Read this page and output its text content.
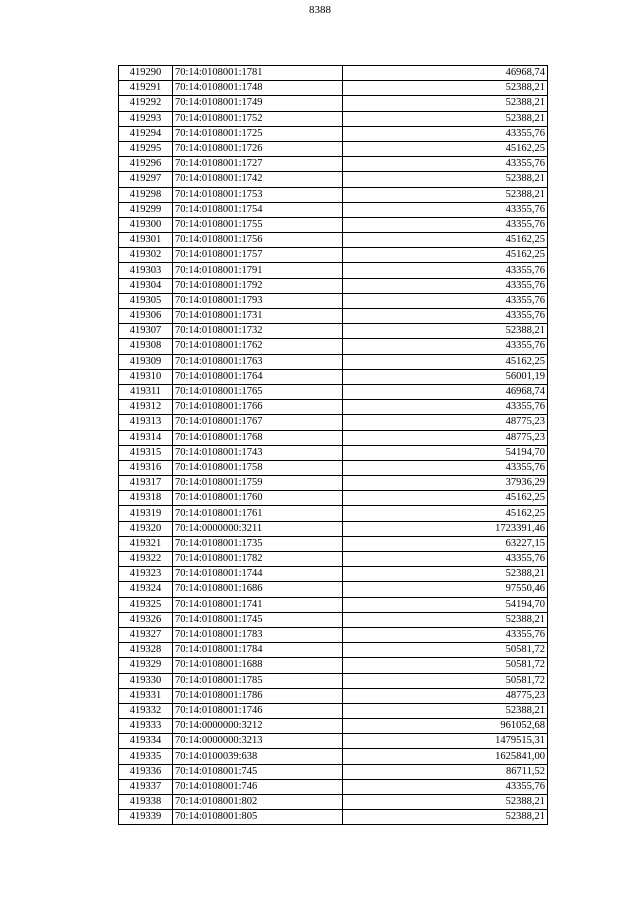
8388
419290	70:14:0108001:1781	46968,74
419291	70:14:0108001:1748	52388,21
419292	70:14:0108001:1749	52388,21
419293	70:14:0108001:1752	52388,21
419294	70:14:0108001:1725	43355,76
419295	70:14:0108001:1726	45162,25
419296	70:14:0108001:1727	43355,76
419297	70:14:0108001:1742	52388,21
419298	70:14:0108001:1753	52388,21
419299	70:14:0108001:1754	43355,76
419300	70:14:0108001:1755	43355,76
419301	70:14:0108001:1756	45162,25
419302	70:14:0108001:1757	45162,25
419303	70:14:0108001:1791	43355,76
419304	70:14:0108001:1792	43355,76
419305	70:14:0108001:1793	43355,76
419306	70:14:0108001:1731	43355,76
419307	70:14:0108001:1732	52388,21
419308	70:14:0108001:1762	43355,76
419309	70:14:0108001:1763	45162,25
419310	70:14:0108001:1764	56001,19
419311	70:14:0108001:1765	46968,74
419312	70:14:0108001:1766	43355,76
419313	70:14:0108001:1767	48775,23
419314	70:14:0108001:1768	48775,23
419315	70:14:0108001:1743	54194,70
419316	70:14:0108001:1758	43355,76
419317	70:14:0108001:1759	37936,29
419318	70:14:0108001:1760	45162,25
419319	70:14:0108001:1761	45162,25
419320	70:14:0000000:3211	1723391,46
419321	70:14:0108001:1735	63227,15
419322	70:14:0108001:1782	43355,76
419323	70:14:0108001:1744	52388,21
419324	70:14:0108001:1686	97550,46
419325	70:14:0108001:1741	54194,70
419326	70:14:0108001:1745	52388,21
419327	70:14:0108001:1783	43355,76
419328	70:14:0108001:1784	50581,72
419329	70:14:0108001:1688	50581,72
419330	70:14:0108001:1785	50581,72
419331	70:14:0108001:1786	48775,23
419332	70:14:0108001:1746	52388,21
419333	70:14:0000000:3212	961052,68
419334	70:14:0000000:3213	1479515,31
419335	70:14:0100039:638	1625841,00
419336	70:14:0108001:745	86711,52
419337	70:14:0108001:746	43355,76
419338	70:14:0108001:802	52388,21
419339	70:14:0108001:805	52388,21
